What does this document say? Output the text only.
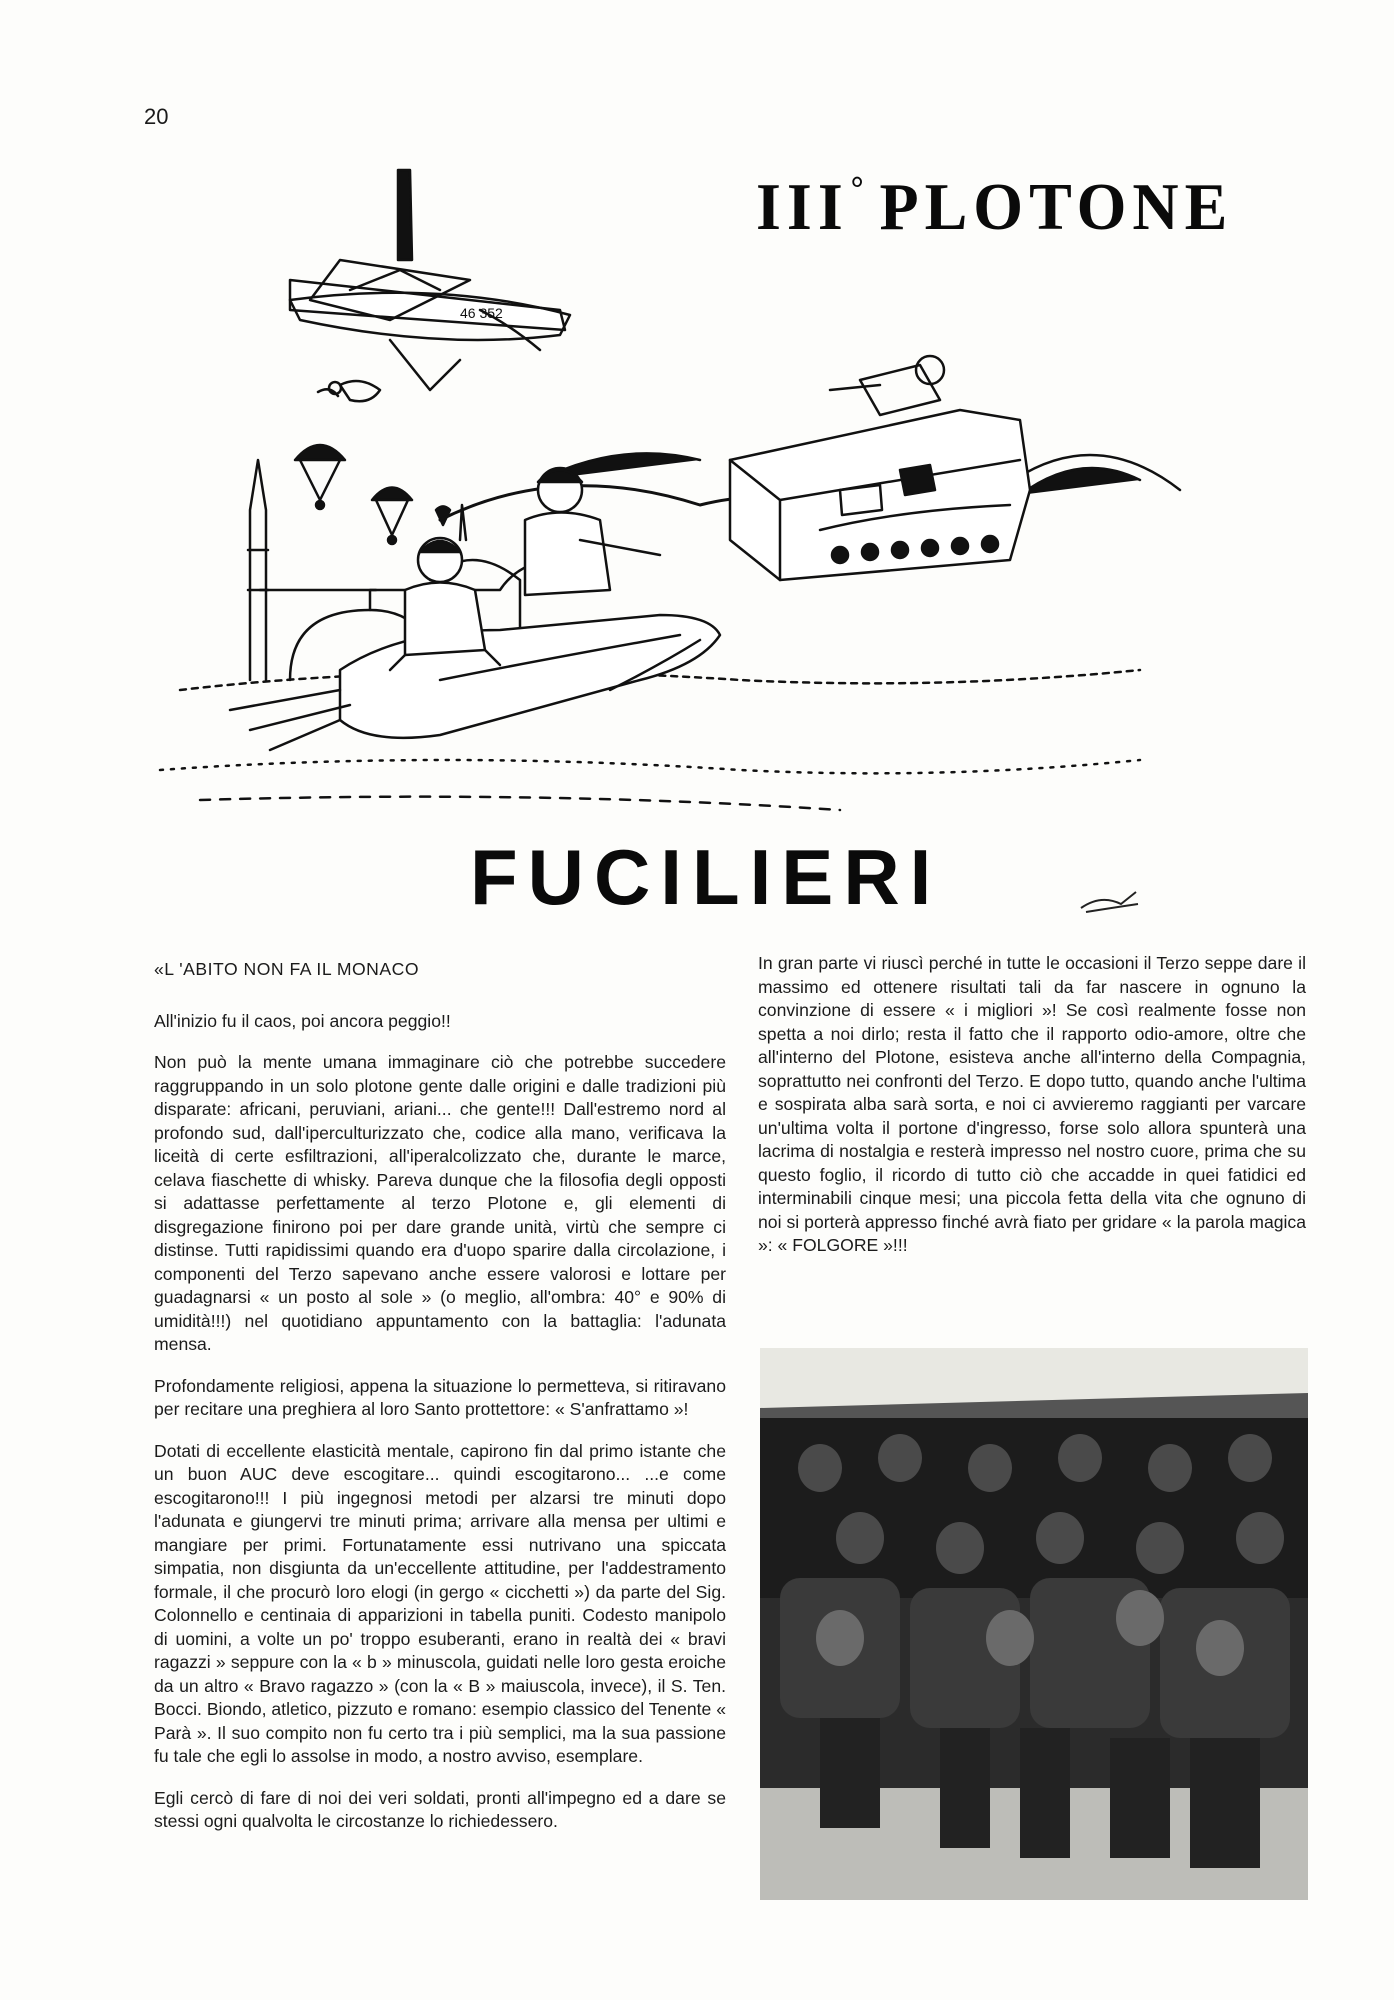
20
III° PLOTONE
46 352
FUCILIERI

«L 'ABITO NON FA IL MONACO

All'inizio fu il caos, poi ancora peggio!!

Non può la mente umana immaginare ciò che potrebbe succedere raggruppando in un solo plotone gente dalle origini e dalle tradizioni più disparate: africani, peruviani, ariani... che gente!!! Dall'estremo nord al profondo sud, dall'iperculturizzato che, codice alla mano, verificava la liceità di certe esfiltrazioni, all'iperalcolizzato che, durante le marce, celava fiaschette di whisky. Pareva dunque che la filosofia degli opposti si adattasse perfettamente al terzo Plotone e, gli elementi di disgregazione finirono poi per dare grande unità, virtù che sempre ci distinse. Tutti rapidissimi quando era d'uopo sparire dalla circolazione, i componenti del Terzo sapevano anche essere valorosi e lottare per guadagnarsi « un posto al sole » (o meglio, all'ombra: 40° e 90% di umidità!!!) nel quotidiano appuntamento con la battaglia: l'adunata mensa.

Profondamente religiosi, appena la situazione lo permetteva, si ritiravano per recitare una preghiera al loro Santo prottettore: « S'anfrattamo »!

Dotati di eccellente elasticità mentale, capirono fin dal primo istante che un buon AUC deve escogitare... quindi escogitarono... ...e come escogitarono!!! I più ingegnosi metodi per alzarsi tre minuti dopo l'adunata e giungervi tre minuti prima; arrivare alla mensa per ultimi e mangiare per primi. Fortunatamente essi nutrivano una spiccata simpatia, non disgiunta da un'eccellente attitudine, per l'addestramento formale, il che procurò loro elogi (in gergo « cicchetti ») da parte del Sig. Colonnello e centinaia di apparizioni in tabella puniti. Codesto manipolo di uomini, a volte un po' troppo esuberanti, erano in realtà dei « bravi ragazzi » seppure con la « b » minuscola, guidati nelle loro gesta eroiche da un altro « Bravo ragazzo » (con la « B » maiuscola, invece), il S. Ten. Bocci. Biondo, atletico, pizzuto e romano: esempio classico del Tenente « Parà ». Il suo compito non fu certo tra i più semplici, ma la sua passione fu tale che egli lo assolse in modo, a nostro avviso, esemplare.

Egli cercò di fare di noi dei veri soldati, pronti all'impegno ed a dare se stessi ogni qualvolta le circostanze lo richiedessero.

In gran parte vi riuscì perché in tutte le occasioni il Terzo seppe dare il massimo ed ottenere risultati tali da far nascere in ognuno la convinzione di essere « i migliori »! Se così realmente fosse non spetta a noi dirlo; resta il fatto che il rapporto odio-amore, oltre che all'interno del Plotone, esisteva anche all'interno della Compagnia, soprattutto nei confronti del Terzo. E dopo tutto, quando anche l'ultima e sospirata alba sarà sorta, e noi ci avvieremo raggianti per varcare un'ultima volta il portone d'ingresso, forse solo allora spunterà una lacrima di nostalgia e resterà impresso nel nostro cuore, prima che su questo foglio, il ricordo di tutto ciò che accadde in quei fatidici ed interminabili cinque mesi; una piccola fetta della vita che ognuno di noi si porterà appresso finché avrà fiato per gridare « la parola magica »: « FOLGORE »!!!
